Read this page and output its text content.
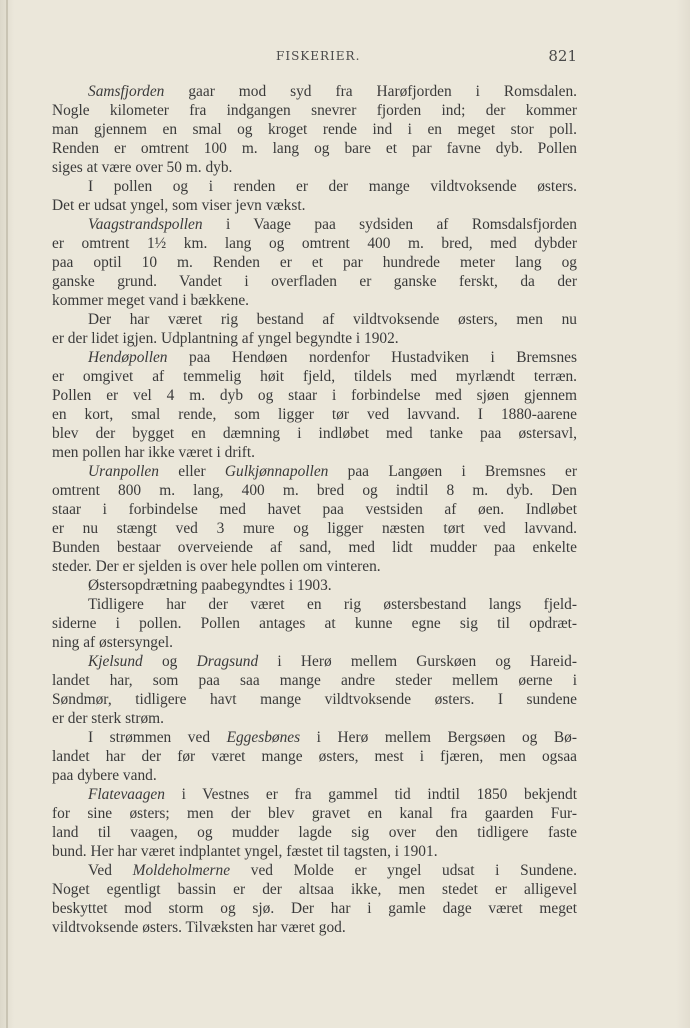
FISKERIER.	821
Samsfjorden gaar mod syd fra Harøfjorden i Romsdalen.
Nogle kilometer fra indgangen snevrer fjorden ind; der kommer
man gjennem en smal og kroget rende ind i en meget stor poll.
Renden er omtrent 100 m. lang og bare et par favne dyb. Pollen
siges at være over 50 m. dyb.
I pollen og i renden er der mange vildtvoksende østers.
Det er udsat yngel, som viser jevn vækst.
Vaagstrandspollen i Vaage paa sydsiden af Romsdalsfjorden
er omtrent 1½ km. lang og omtrent 400 m. bred, med dybder
paa optil 10 m. Renden er et par hundrede meter lang og
ganske grund. Vandet i overfladen er ganske ferskt, da der
kommer meget vand i bækkene.
Der har været rig bestand af vildtvoksende østers, men nu
er der lidet igjen. Udplantning af yngel begyndte i 1902.
Hendøpollen paa Hendøen nordenfor Hustadviken i Bremsnes
er omgivet af temmelig høit fjeld, tildels med myrlændt terræn.
Pollen er vel 4 m. dyb og staar i forbindelse med sjøen gjennem
en kort, smal rende, som ligger tør ved lavvand. I 1880-aarene
blev der bygget en dæmning i indløbet med tanke paa østersavl,
men pollen har ikke været i drift.
Uranpollen eller Gulkjønnapollen paa Langøen i Bremsnes er
omtrent 800 m. lang, 400 m. bred og indtil 8 m. dyb. Den
staar i forbindelse med havet paa vestsiden af øen. Indløbet
er nu stængt ved 3 mure og ligger næsten tørt ved lavvand.
Bunden bestaar overveiende af sand, med lidt mudder paa enkelte
steder. Der er sjelden is over hele pollen om vinteren.
Østersopdrætning paabegyndtes i 1903.
Tidligere har der været en rig østersbestand langs fjeld-
siderne i pollen. Pollen antages at kunne egne sig til opdræt-
ning af østersyngel.
Kjelsund og Dragsund i Herø mellem Gurskøen og Hareid-
landet har, som paa saa mange andre steder mellem øerne i
Søndmør, tidligere havt mange vildtvoksende østers. I sundene
er der sterk strøm.
I strømmen ved Eggesbønes i Herø mellem Bergsøen og Bø-
landet har der før været mange østers, mest i fjæren, men ogsaa
paa dybere vand.
Flatevaagen i Vestnes er fra gammel tid indtil 1850 bekjendt
for sine østers; men der blev gravet en kanal fra gaarden Fur-
land til vaagen, og mudder lagde sig over den tidligere faste
bund. Her har været indplantet yngel, fæstet til tagsten, i 1901.
Ved Moldeholmerne ved Molde er yngel udsat i Sundene.
Noget egentligt bassin er der altsaa ikke, men stedet er alligevel
beskyttet mod storm og sjø. Der har i gamle dage været meget
vildtvoksende østers. Tilvæksten har været god.
